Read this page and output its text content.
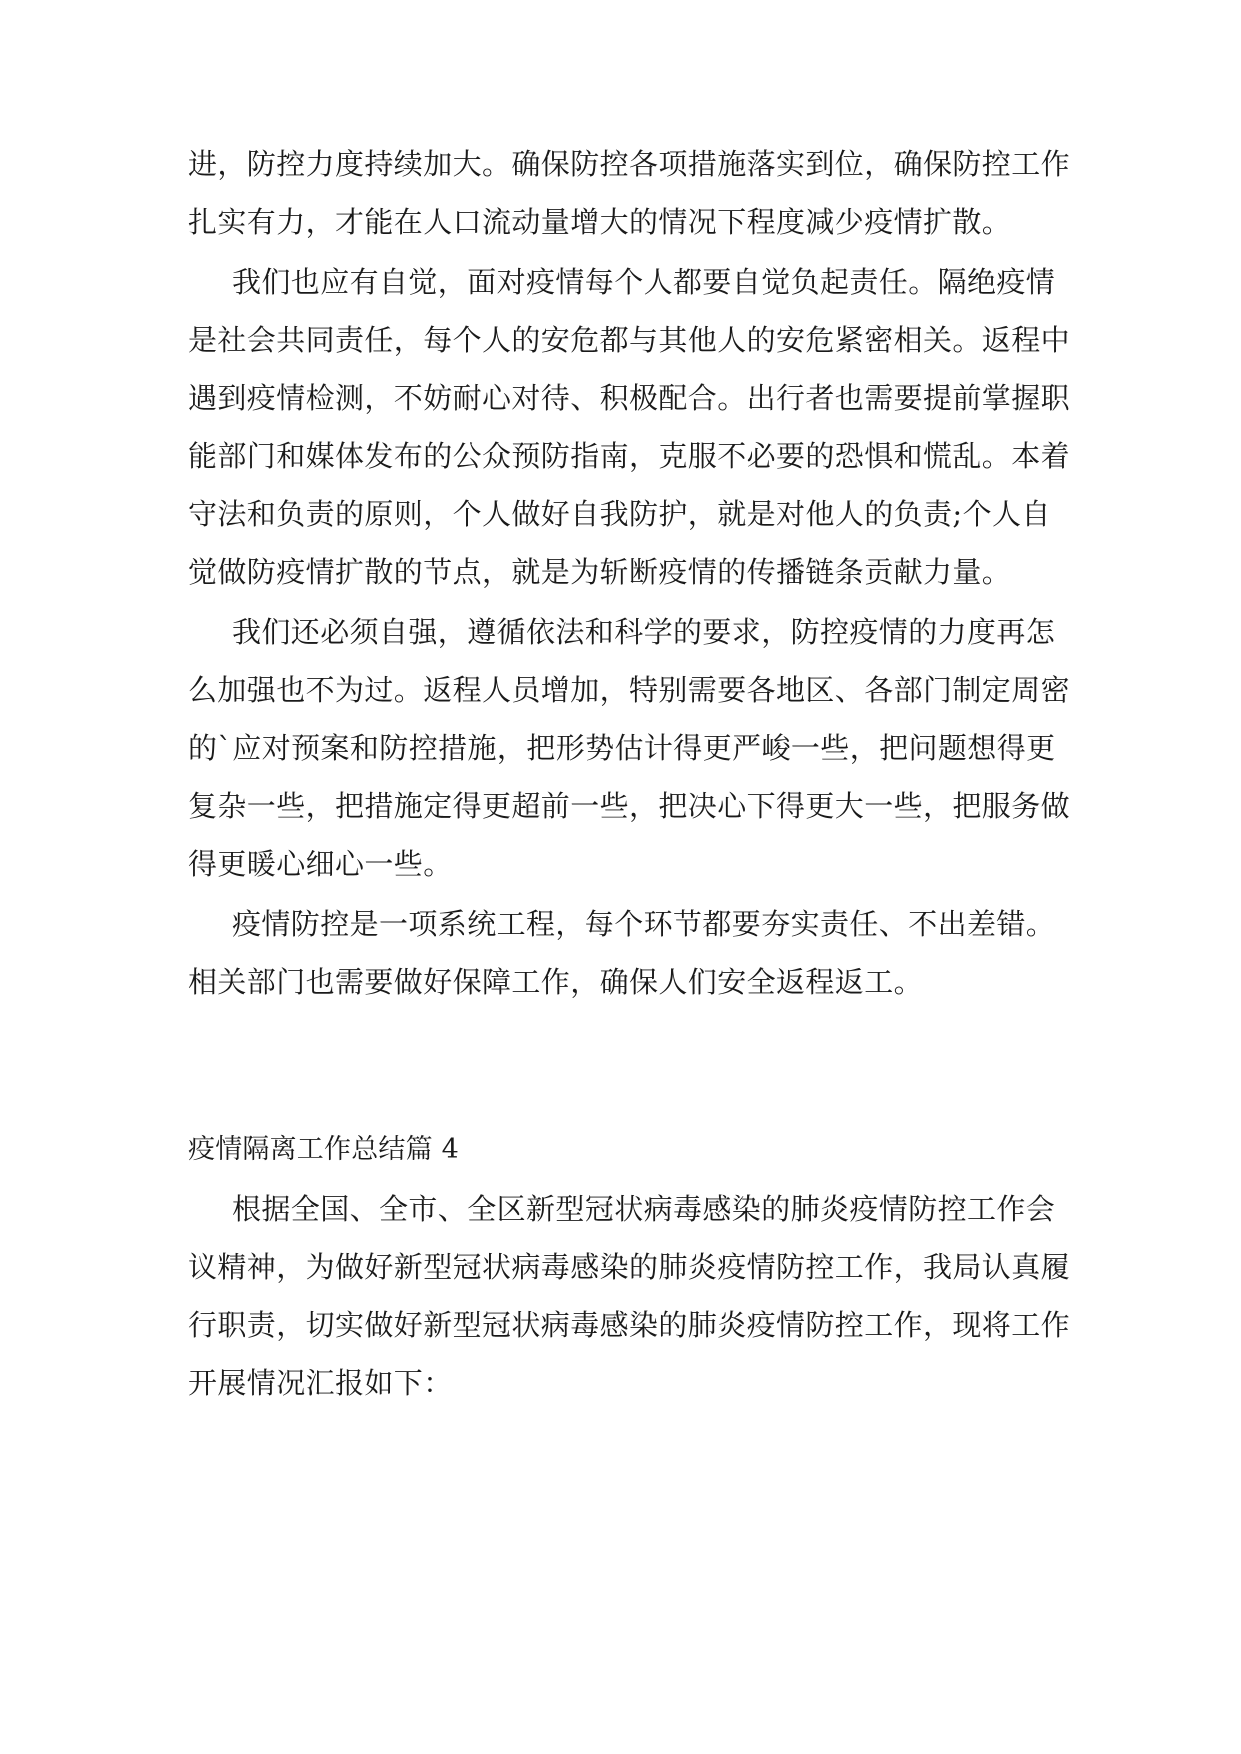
进，防控力度持续加大。确保防控各项措施落实到位，确保防控工作
扎实有力，才能在人口流动量增大的情况下程度减少疫情扩散。
我们也应有自觉，面对疫情每个人都要自觉负起责任。隔绝疫情
是社会共同责任，每个人的安危都与其他人的安危紧密相关。返程中
遇到疫情检测，不妨耐心对待、积极配合。出行者也需要提前掌握职
能部门和媒体发布的公众预防指南，克服不必要的恐惧和慌乱。本着
守法和负责的原则，个人做好自我防护，就是对他人的负责;个人自
觉做防疫情扩散的节点，就是为斩断疫情的传播链条贡献力量。
我们还必须自强，遵循依法和科学的要求，防控疫情的力度再怎
么加强也不为过。返程人员增加，特别需要各地区、各部门制定周密
的`应对预案和防控措施，把形势估计得更严峻一些，把问题想得更
复杂一些，把措施定得更超前一些，把决心下得更大一些，把服务做
得更暖心细心一些。
疫情防控是一项系统工程，每个环节都要夯实责任、不出差错。
相关部门也需要做好保障工作，确保人们安全返程返工。
疫情隔离工作总结篇 4
根据全国、全市、全区新型冠状病毒感染的肺炎疫情防控工作会
议精神，为做好新型冠状病毒感染的肺炎疫情防控工作，我局认真履
行职责，切实做好新型冠状病毒感染的肺炎疫情防控工作，现将工作
开展情况汇报如下：
